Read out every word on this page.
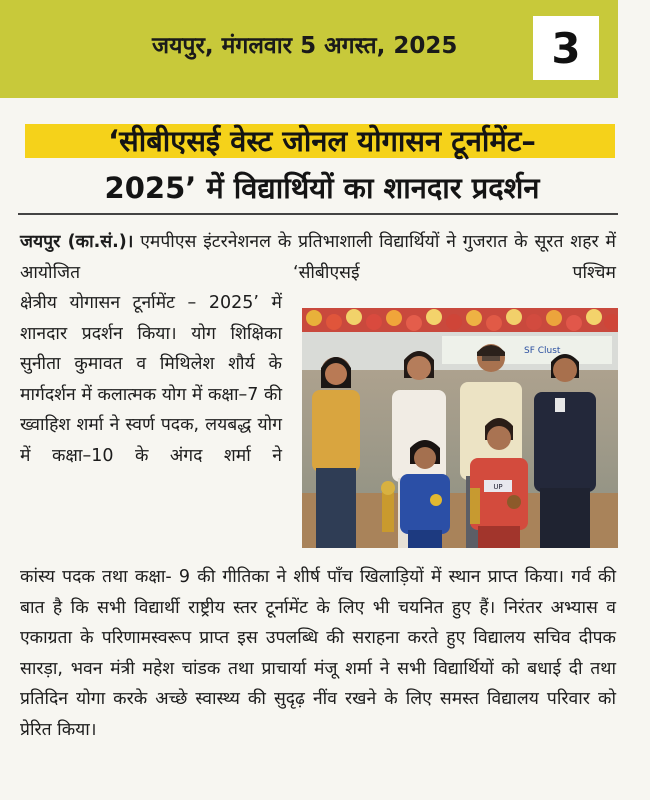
जयपुर, मंगलवार 5 अगस्त, 2025 3
‘सीबीएसई वेस्ट जोनल योगासन टूर्नामेंट–
2025’ में विद्यार्थियों का शानदार प्रदर्शन
जयपुर (का.सं.)। एमपीएस इंटरनेशनल के प्रतिभाशाली विद्यार्थियों ने गुजरात के सूरत शहर में आयोजित ‘सीबीएसई पश्चिम
क्षेत्रीय योगासन टूर्नामेंट – 2025’ में शानदार प्रदर्शन किया। योग शिक्षिका सुनीता कुमावत व मिथिलेश शौर्य के मार्गदर्शन में कलात्मक योग में कक्षा–7 की ख्वाहिश शर्मा ने स्वर्ण पदक, लयबद्ध योग में कक्षा–10 के अंगद शर्मा ने
SF Clust
UP
कांस्य पदक तथा कक्षा- 9 की गीतिका ने शीर्ष पाँच खिलाड़ियों में स्थान प्राप्त किया। गर्व की बात है कि सभी विद्यार्थी राष्ट्रीय स्तर टूर्नामेंट के लिए भी चयनित हुए हैं। निरंतर अभ्यास व एकाग्रता के परिणामस्वरूप प्राप्त इस उपलब्धि की सराहना करते हुए विद्यालय सचिव दीपक सारड़ा, भवन मंत्री महेश चांडक तथा प्राचार्या मंजू शर्मा ने सभी विद्यार्थियों को बधाई दी तथा प्रतिदिन योगा करके अच्छे स्वास्थ्य की सुदृढ़ नींव रखने के लिए समस्त विद्यालय परिवार को प्रेरित किया।
